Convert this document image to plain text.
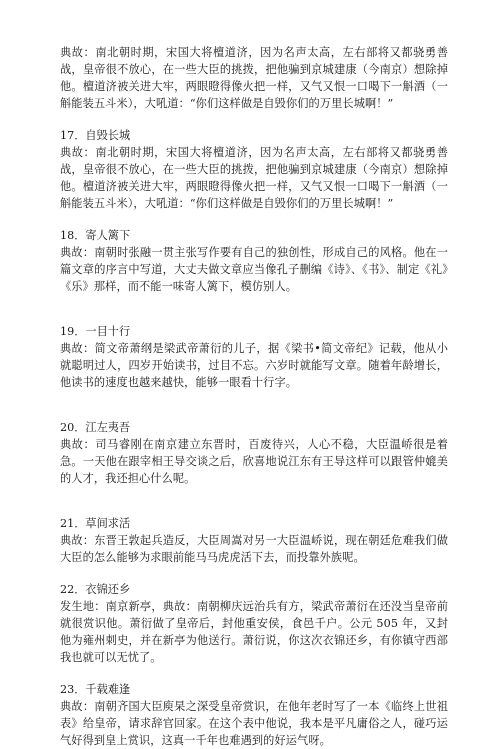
典故：南北朝时期，宋国大将檀道济，因为名声太高，左右部将又都骁勇善战，皇帝很不放心，在一些大臣的挑拨，把他骗到京城建康（今南京）想除掉他。檀道济被关进大牢，两眼瞪得像火把一样，又气又恨一口喝下一斛酒（一斛能装五斗米），大吼道：“你们这样做是自毁你们的万里长城啊！”

17．自毁长城

典故：南北朝时期，宋国大将檀道济，因为名声太高，左右部将又都骁勇善战，皇帝很不放心，在一些大臣的挑拨，把他骗到京城建康（今南京）想除掉他。檀道济被关进大牢，两眼瞪得像火把一样，又气又恨一口喝下一斛酒（一斛能装五斗米），大吼道：“你们这样做是自毁你们的万里长城啊！”

18．寄人篱下

典故：南朝时张融一贯主张写作要有自己的独创性，形成自己的风格。他在一篇文章的序言中写道，大丈夫做文章应当像孔子删编《诗》、《书》、制定《礼》《乐》那样，而不能一味寄人篱下，模仿别人。

19．一目十行

典故：简文帝萧纲是梁武帝萧衍的儿子，据《梁书•简文帝纪》记载，他从小就聪明过人，四岁开始读书，过目不忘。六岁时就能写文章。随着年龄增长，他读书的速度也越来越快，能够一眼看十行字。

20．江左夷吾

典故：司马睿刚在南京建立东晋时，百废待兴，人心不稳，大臣温峤很是着急。一天他在跟宰相王导交谈之后，欣喜地说江东有王导这样可以跟管仲媲美的人才，我还担心什么呢。

21．草间求活

典故：东晋王敦起兵造反，大臣周嵩对另一大臣温峤说，现在朝廷危难我们做大臣的怎么能够为求眼前能马马虎虎活下去，而投靠外族呢。

22．衣锦还乡

发生地：南京新亭，典故：南朝柳庆远治兵有方，梁武帝萧衍在还没当皇帝前就很赏识他。萧衍做了皇帝后，封他重安侯，食邑千户。公元 505 年，又封他为雍州刺史，并在新亭为他送行。萧衍说，你这次衣锦还乡，有你镇守西部我也就可以无忧了。

23．千载难逢

典故：南朝齐国大臣庾杲之深受皇帝赏识，在他年老时写了一本《临终上世祖表》给皇帝，请求辞官回家。在这个表中他说，我本是平凡庸俗之人，碰巧运气好得到皇上赏识，这真一千年也难遇到的好运气呀。
